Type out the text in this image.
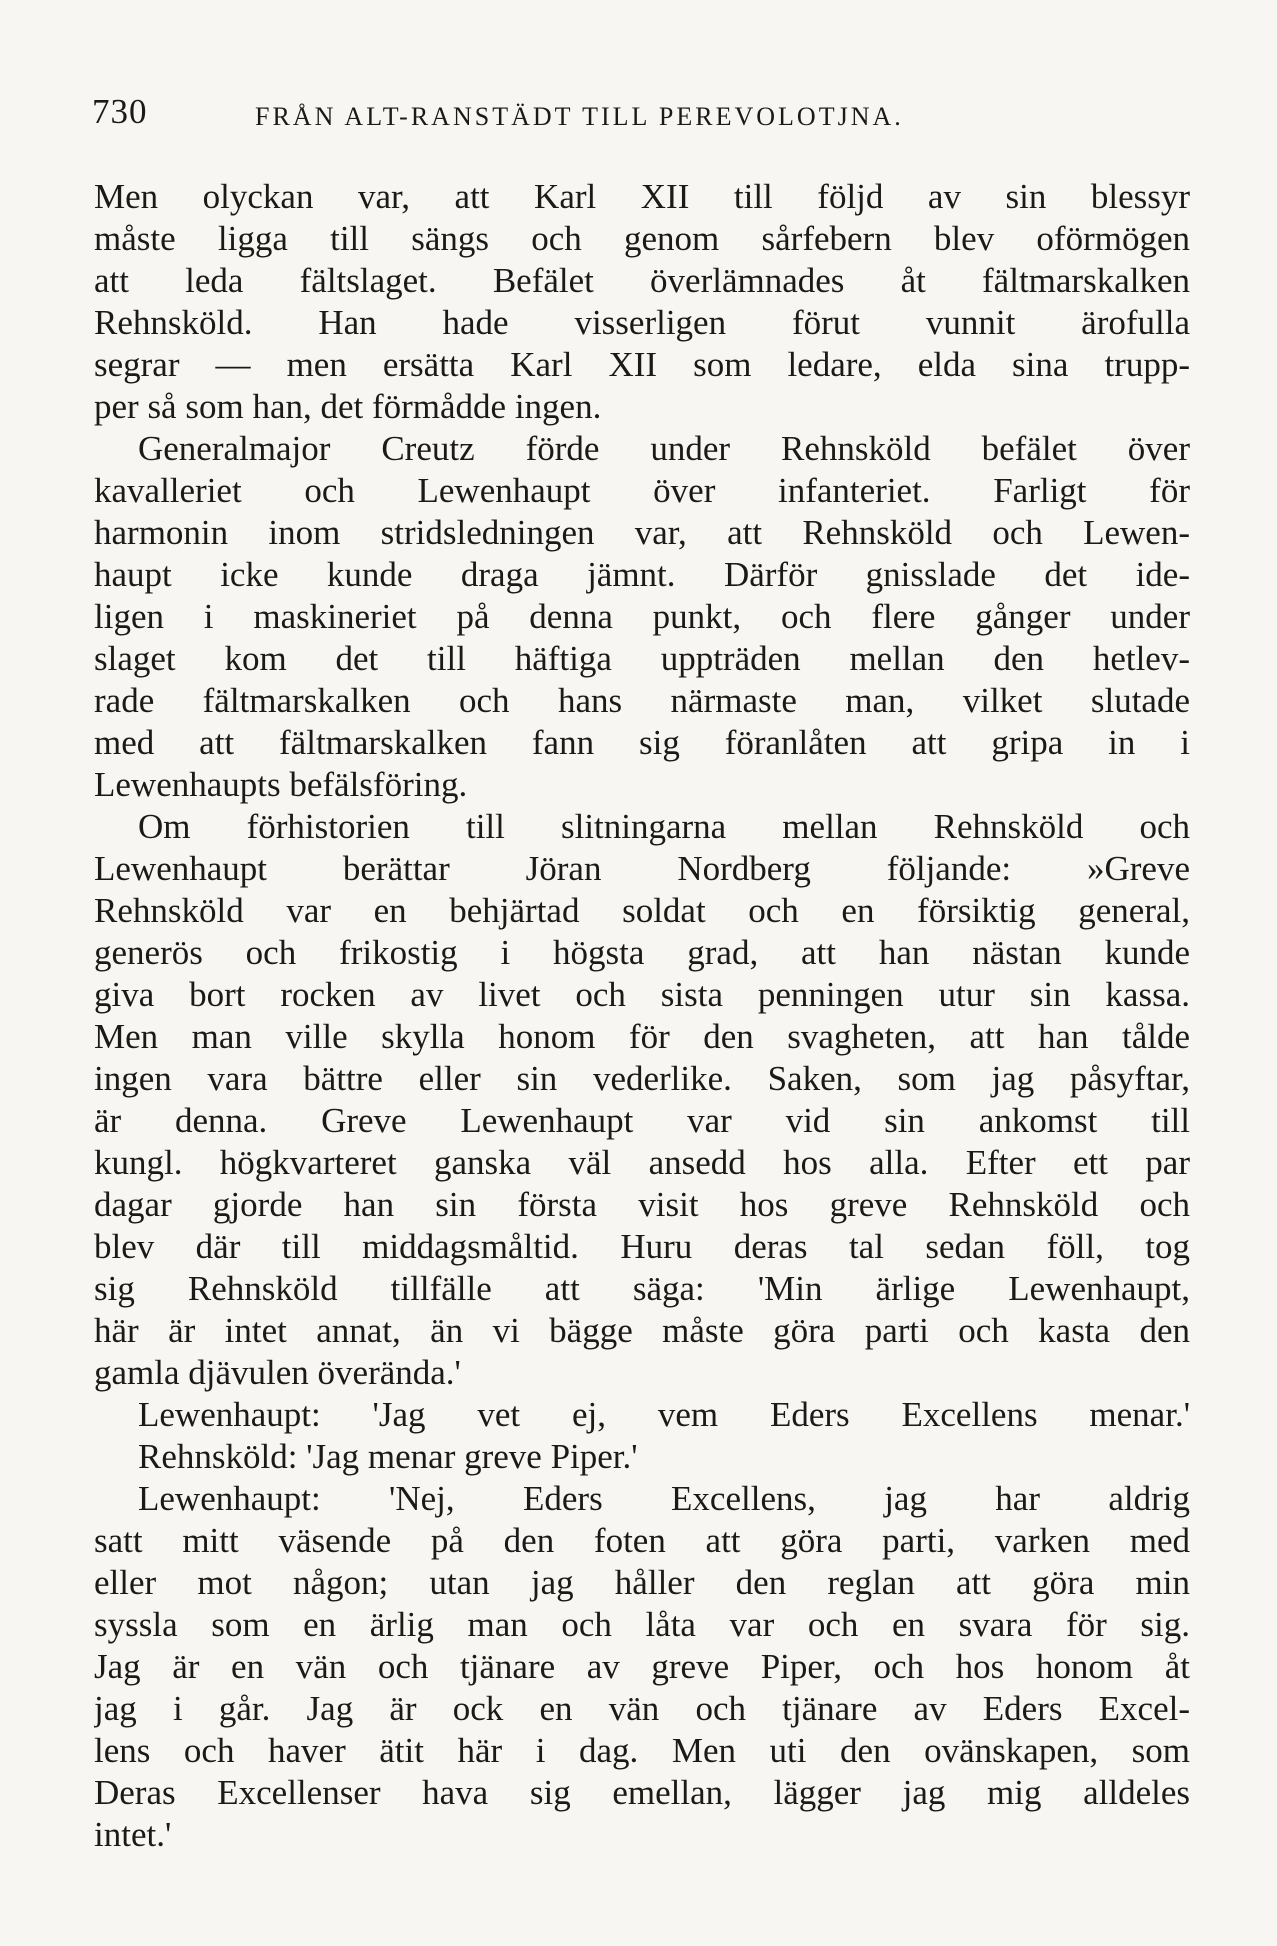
730	FRÅN ALT-RANSTÄDT TILL PEREVOLOTJNA.
Men olyckan var, att Karl XII till följd av sin blessyr
måste ligga till sängs och genom sårfebern blev oförmögen
att leda fältslaget. Befälet överlämnades åt fältmarskalken
Rehnsköld. Han hade visserligen förut vunnit ärofulla
segrar — men ersätta Karl XII som ledare, elda sina trupp-
per så som han, det förmådde ingen.
Generalmajor Creutz förde under Rehnsköld befälet över
kavalleriet och Lewenhaupt över infanteriet. Farligt för
harmonin inom stridsledningen var, att Rehnsköld och Lewen-
haupt icke kunde draga jämnt. Därför gnisslade det ide-
ligen i maskineriet på denna punkt, och flere gånger under
slaget kom det till häftiga uppträden mellan den hetlev-
rade fältmarskalken och hans närmaste man, vilket slutade
med att fältmarskalken fann sig föranlåten att gripa in i
Lewenhaupts befälsföring.
Om förhistorien till slitningarna mellan Rehnsköld och
Lewenhaupt berättar Jöran Nordberg följande: »Greve
Rehnsköld var en behjärtad soldat och en försiktig general,
generös och frikostig i högsta grad, att han nästan kunde
giva bort rocken av livet och sista penningen utur sin kassa.
Men man ville skylla honom för den svagheten, att han tålde
ingen vara bättre eller sin vederlike. Saken, som jag påsyftar,
är denna. Greve Lewenhaupt var vid sin ankomst till
kungl. högkvarteret ganska väl ansedd hos alla. Efter ett par
dagar gjorde han sin första visit hos greve Rehnsköld och
blev där till middagsmåltid. Huru deras tal sedan föll, tog
sig Rehnsköld tillfälle att säga: 'Min ärlige Lewenhaupt,
här är intet annat, än vi bägge måste göra parti och kasta den
gamla djävulen överända.'
Lewenhaupt: 'Jag vet ej, vem Eders Excellens menar.'
Rehnsköld: 'Jag menar greve Piper.'
Lewenhaupt: 'Nej, Eders Excellens, jag har aldrig
satt mitt väsende på den foten att göra parti, varken med
eller mot någon; utan jag håller den reglan att göra min
syssla som en ärlig man och låta var och en svara för sig.
Jag är en vän och tjänare av greve Piper, och hos honom åt
jag i går. Jag är ock en vän och tjänare av Eders Excel-
lens och haver ätit här i dag. Men uti den ovänskapen, som
Deras Excellenser hava sig emellan, lägger jag mig alldeles
intet.'
